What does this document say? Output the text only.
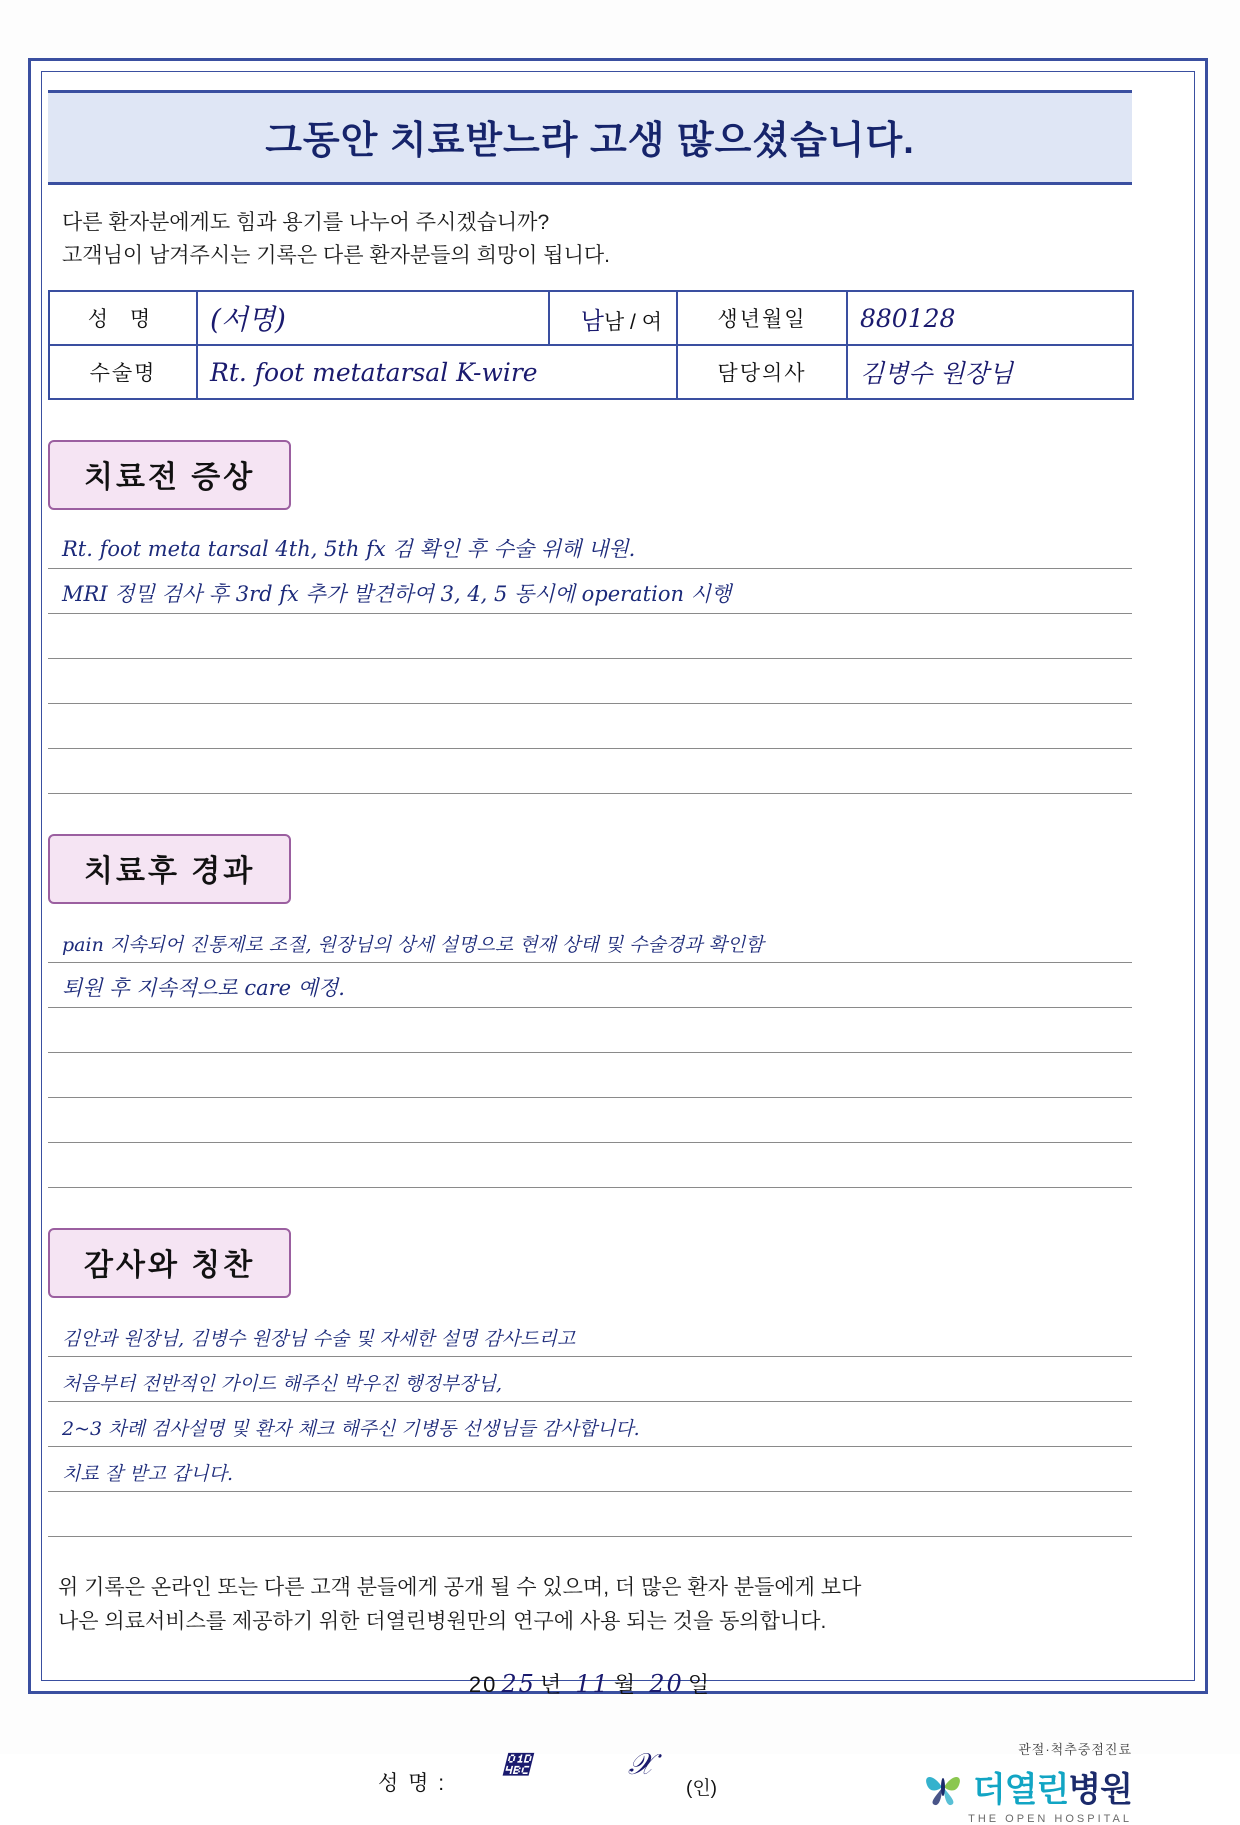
그동안 치료받느라 고생 많으셨습니다.
다른 환자분에게도 힘과 용기를 나누어 주시겠습니까?
고객님이 남겨주시는 기록은 다른 환자분들의 희망이 됩니다.
성 명	(서명)	남남 / 여	생년월일	880128
수술명	Rt. foot metatarsal K-wire		담당의사	김병수 원장님
치료전 증상
Rt. foot meta tarsal 4th, 5th fx 검 확인 후 수술 위해 내원.
MRI 정밀 검사 후 3rd fx 추가 발견하여 3, 4, 5 동시에 operation 시행
치료후 경과
pain 지속되어 진통제로 조절, 원장님의 상세 설명으로 현재 상태 및 수술경과 확인함
퇴원 후 지속적으로 care 예정.
감사와 칭찬
김안과 원장님, 김병수 원장님 수술 및 자세한 설명 감사드리고
처음부터 전반적인 가이드 해주신 박우진 행정부장님,
2~3 차례 검사설명 및 환자 체크 해주신 기병동 선생님들 감사합니다.
치료 잘 받고 갑니다.
위 기록은 온라인 또는 다른 고객 분들에게 공개 될 수 있으며, 더 많은 환자 분들에게 보다
나은 의료서비스를 제공하기 위한 더열린병원만의 연구에 사용 되는 것을 동의합니다.
20 25 년 11 월 20 일
성 명 :
𝒼	𝒳
(인)
관절·척추중점진료
더열린병원
THE OPEN HOSPITAL
